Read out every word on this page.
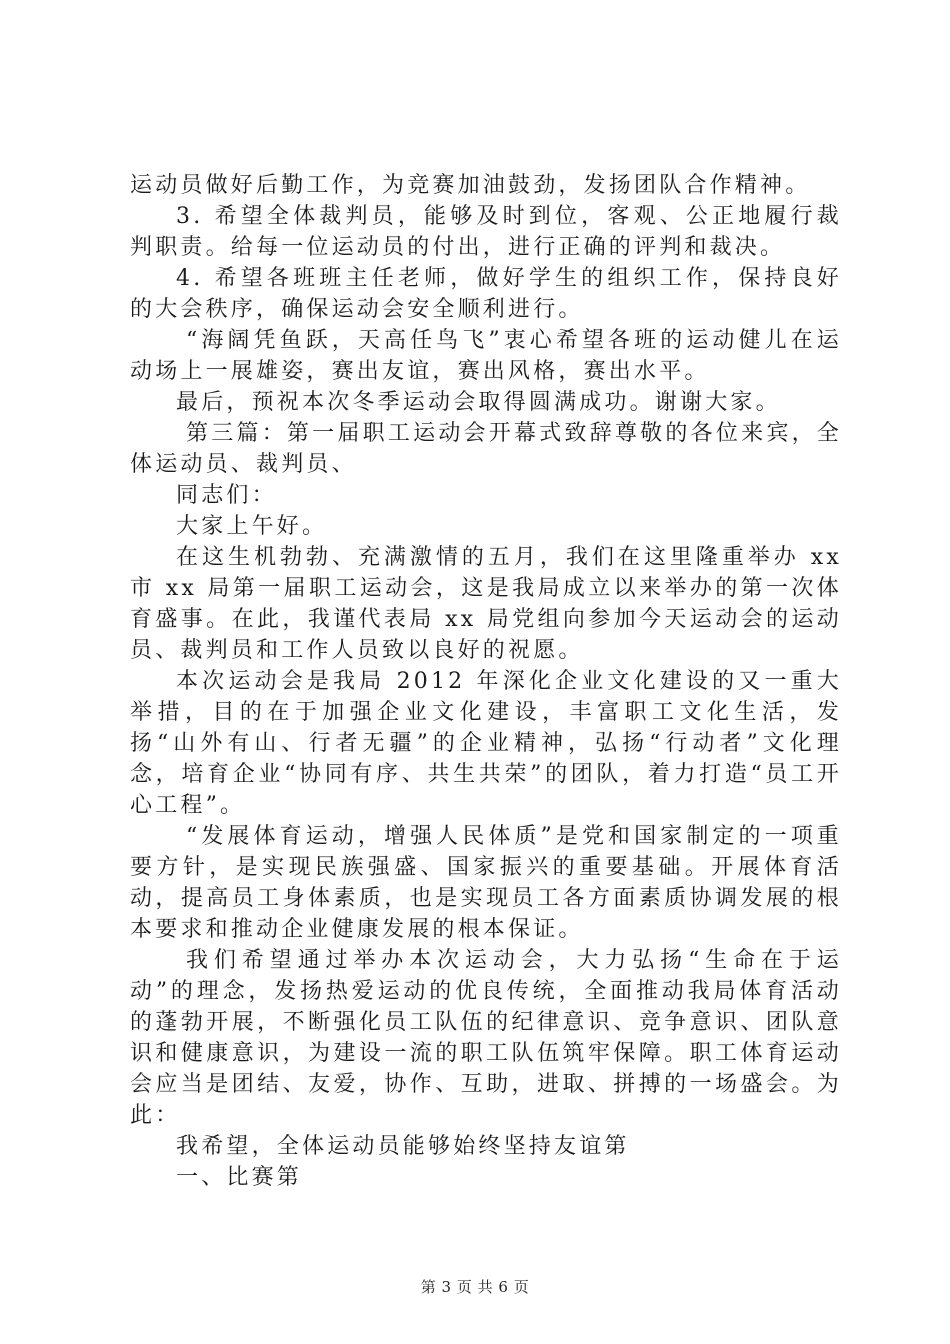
运动员做好后勤工作，为竞赛加油鼓劲，发扬团队合作精神。

3. 希望全体裁判员，能够及时到位，客观、公正地履行裁判职责。给每一位运动员的付出，进行正确的评判和裁决。

4. 希望各班班主任老师，做好学生的组织工作，保持良好的大会秩序，确保运动会安全顺利进行。

“海阔凭鱼跃，天高任鸟飞”衷心希望各班的运动健儿在运动场上一展雄姿，赛出友谊，赛出风格，赛出水平。

最后，预祝本次冬季运动会取得圆满成功。谢谢大家。

第三篇：第一届职工运动会开幕式致辞尊敬的各位来宾，全体运动员、裁判员、

同志们：

大家上午好。

在这生机勃勃、充满激情的五月，我们在这里隆重举办 xx 市 xx 局第一届职工运动会，这是我局成立以来举办的第一次体育盛事。在此，我谨代表局 xx 局党组向参加今天运动会的运动员、裁判员和工作人员致以良好的祝愿。

本次运动会是我局 2012 年深化企业文化建设的又一重大举措，目的在于加强企业文化建设，丰富职工文化生活，发扬“山外有山、行者无疆”的企业精神，弘扬“行动者”文化理念，培育企业“协同有序、共生共荣”的团队，着力打造“员工开心工程”。

“发展体育运动，增强人民体质”是党和国家制定的一项重要方针，是实现民族强盛、国家振兴的重要基础。开展体育活动，提高员工身体素质，也是实现员工各方面素质协调发展的根本要求和推动企业健康发展的根本保证。

我们希望通过举办本次运动会，大力弘扬“生命在于运动”的理念，发扬热爱运动的优良传统，全面推动我局体育活动的蓬勃开展，不断强化员工队伍的纪律意识、竞争意识、团队意识和健康意识，为建设一流的职工队伍筑牢保障。职工体育运动会应当是团结、友爱，协作、互助，进取、拼搏的一场盛会。为此：

我希望，全体运动员能够始终坚持友谊第

一、比赛第

第 3 页 共 6 页
